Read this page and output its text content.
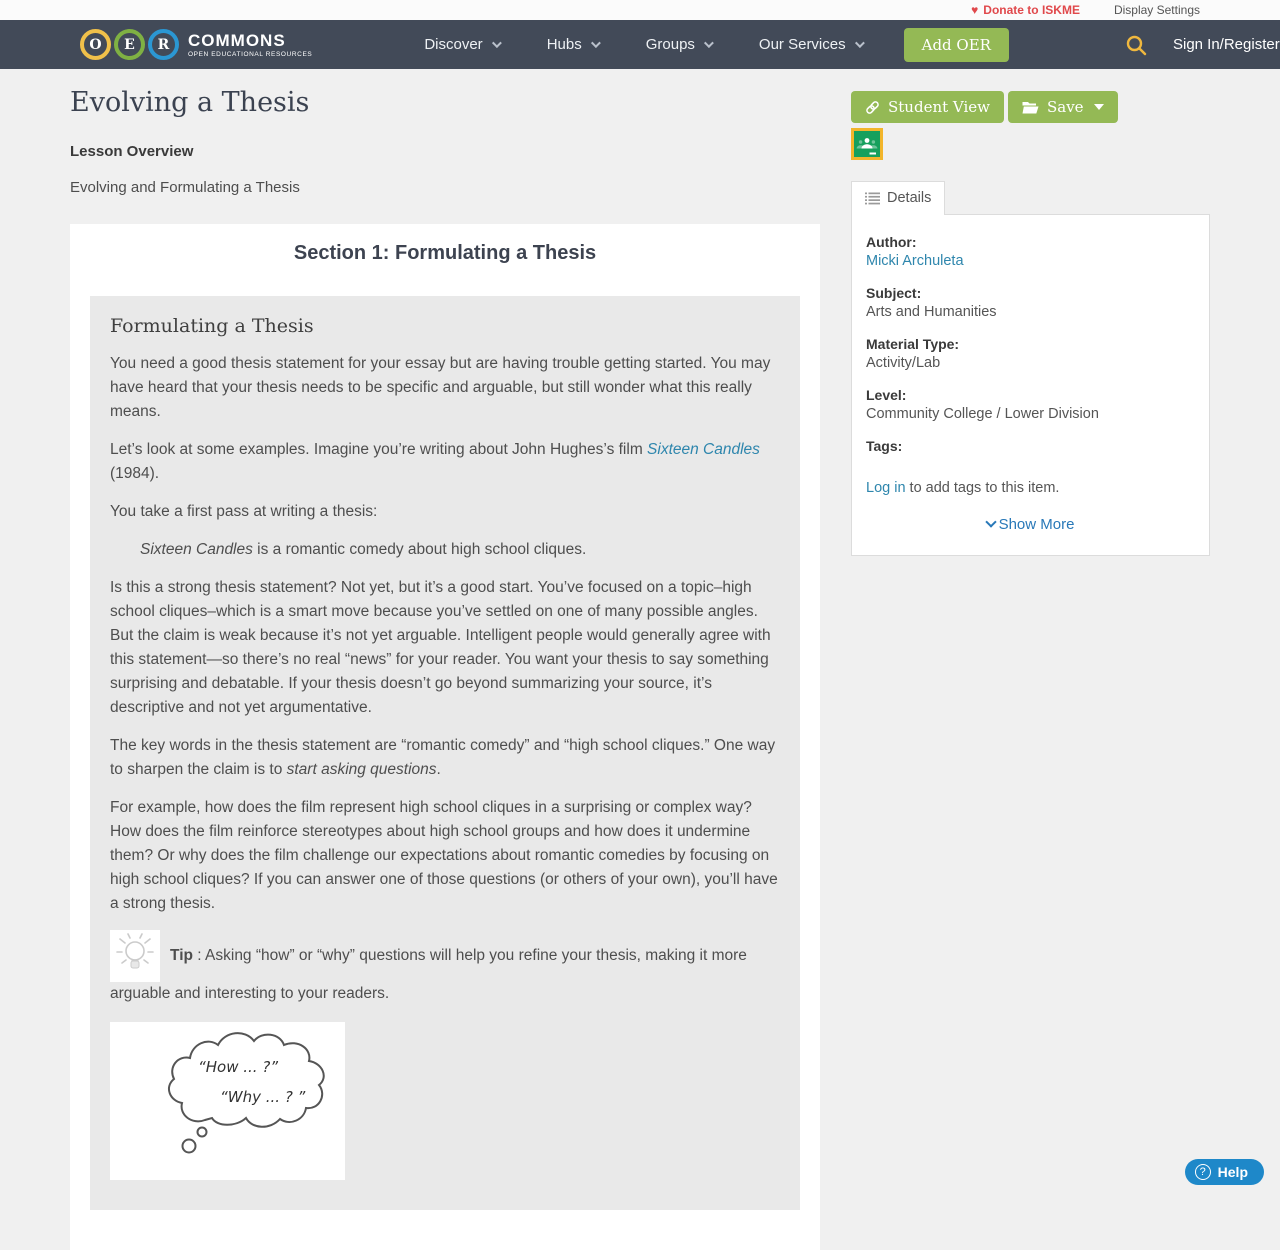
♥ Donate to ISKME	Display Settings
O	E	R	COMMONS
OPEN EDUCATIONAL RESOURCES
Discover	Hubs	Groups	Our Services	Add OER	Sign In/Register
Evolving a Thesis
Lesson Overview

Evolving and Formulating a Thesis

Section 1: Formulating a Thesis
Formulating a Thesis

You need a good thesis statement for your essay but are having trouble getting started. You may have heard that your thesis needs to be specific and arguable, but still wonder what this really means.

Let’s look at some examples. Imagine you’re writing about John Hughes’s film Sixteen Candles (1984).

You take a first pass at writing a thesis:

Sixteen Candles is a romantic comedy about high school cliques.

Is this a strong thesis statement? Not yet, but it’s a good start. You’ve focused on a topic–high school cliques–which is a smart move because you’ve settled on one of many possible angles. But the claim is weak because it’s not yet arguable. Intelligent people would generally agree with this statement—so there’s no real “news” for your reader. You want your thesis to say something surprising and debatable. If your thesis doesn’t go beyond summarizing your source, it’s descriptive and not yet argumentative.

The key words in the thesis statement are “romantic comedy” and “high school cliques.” One way to sharpen the claim is to start asking questions.

For example, how does the film represent high school cliques in a surprising or complex way? How does the film reinforce stereotypes about high school groups and how does it undermine them? Or why does the film challenge our expectations about romantic comedies by focusing on high school cliques? If you can answer one of those questions (or others of your own), you’ll have a strong thesis.

Tip : Asking “how” or “why” questions will help you refine your thesis, making it more arguable and interesting to your readers.

“How ... ?”
“Why ... ? ”
Student View	Save
Details
Author:
Micki Archuleta
Subject:
Arts and Humanities
Material Type:
Activity/Lab
Level:
Community College / Lower Division
Tags:
Log in to add tags to this item.
Show More
? Help
